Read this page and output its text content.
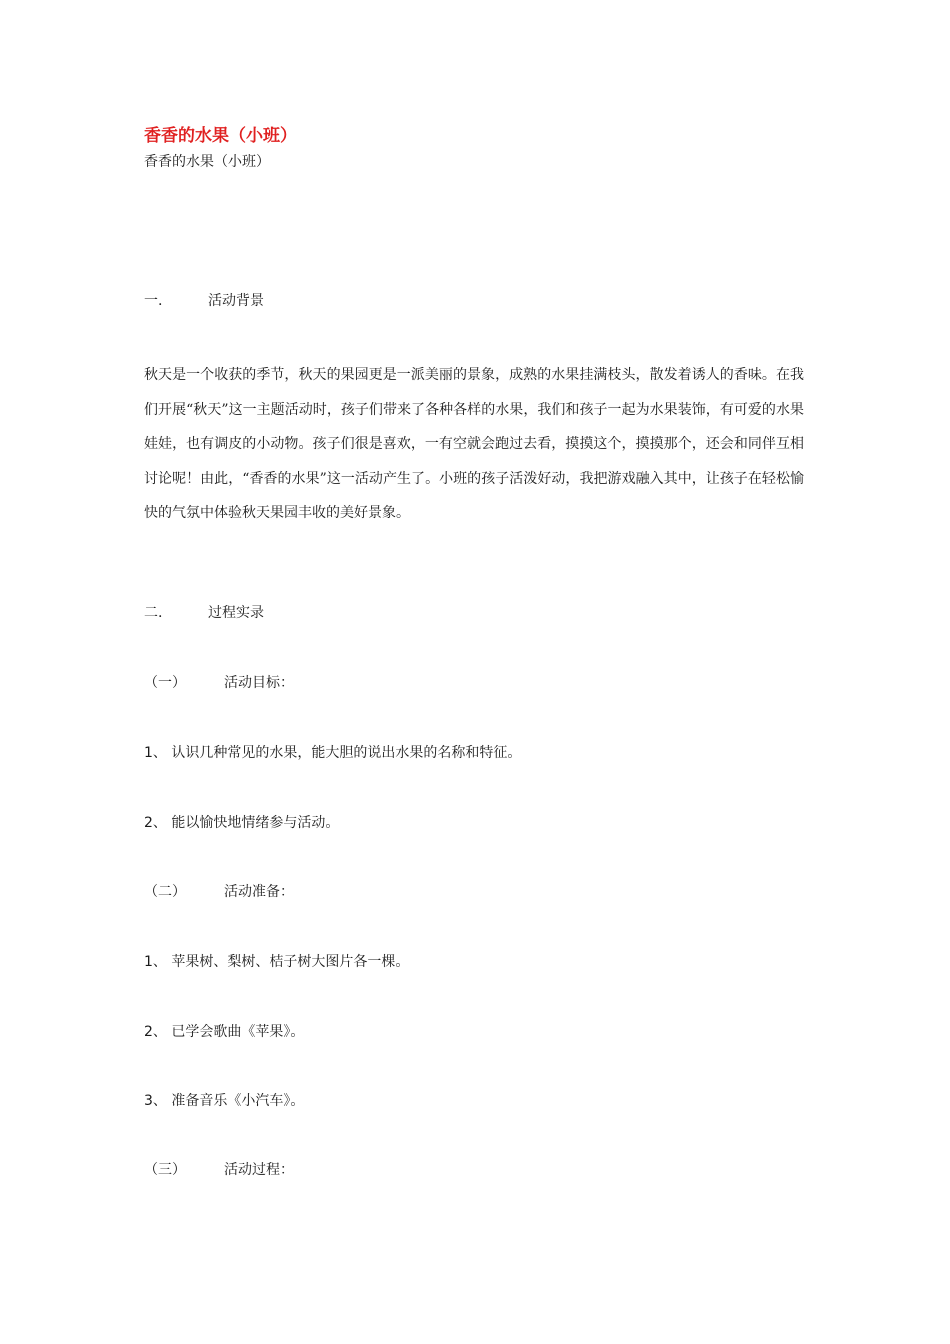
香香的水果（小班）

香香的水果（小班）

一.	活动背景

秋天是一个收获的季节，秋天的果园更是一派美丽的景象，成熟的水果挂满枝头，散发着诱人的香味。在我们开展“秋天”这一主题活动时，孩子们带来了各种各样的水果，我们和孩子一起为水果装饰，有可爱的水果娃娃，也有调皮的小动物。孩子们很是喜欢，一有空就会跑过去看，摸摸这个，摸摸那个，还会和同伴互相讨论呢！由此，“香香的水果”这一活动产生了。小班的孩子活泼好动，我把游戏融入其中，让孩子在轻松愉快的气氛中体验秋天果园丰收的美好景象。

二.	过程实录

（一）	活动目标：

1、 认识几种常见的水果，能大胆的说出水果的名称和特征。

2、 能以愉快地情绪参与活动。

（二）	活动准备：

1、 苹果树、梨树、桔子树大图片各一棵。

2、 已学会歌曲《苹果》。

3、 准备音乐《小汽车》。

（三）	活动过程：
